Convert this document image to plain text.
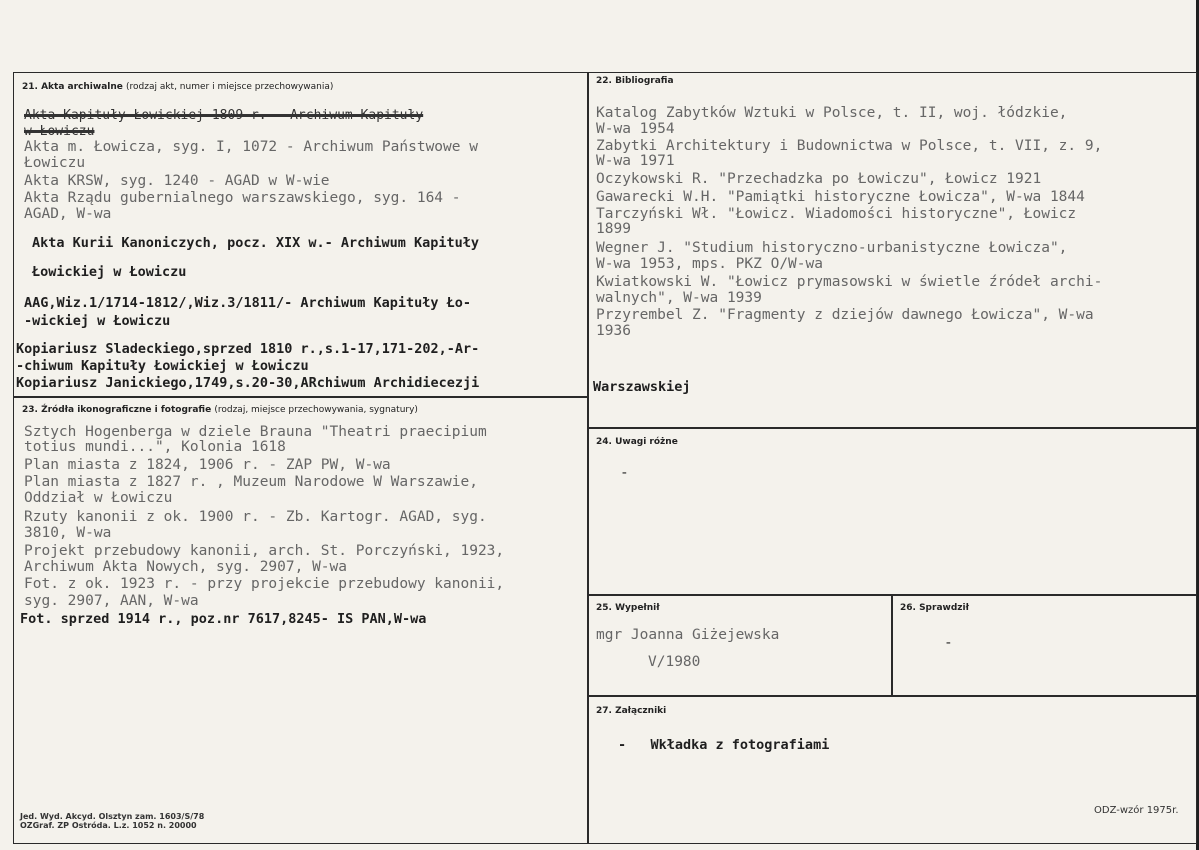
21. Akta archiwalne (rodzaj akt, numer i miejsce przechowywania)
22. Bibliografia
23. Źródła ikonograficzne i fotografie (rodzaj, miejsce przechowywania, sygnatury)
24. Uwagi różne
25. Wypełnił	26. Sprawdził
27. Załączniki
Akta Kapituły Łowickiej 1809 r. - Archiwum Kapituły
w Łowiczu
Akta m. Łowicza, syg. I, 1072 - Archiwum Państwowe w
Łowiczu
Akta KRSW, syg. 1240 - AGAD w W-wie
Akta Rządu gubernialnego warszawskiego, syg. 164 -
AGAD, W-wa
Akta Kurii Kanoniczych, pocz. XIX w.- Archiwum Kapituły
Łowickiej w Łowiczu
AAG,Wiz.1/1714-1812/,Wiz.3/1811/- Archiwum Kapituły Ło-
-wickiej w Łowiczu
Kopiariusz Sladeckiego,sprzed 1810 r.,s.1-17,171-202,-Ar-
-chiwum Kapituły Łowickiej w Łowiczu
Kopiariusz Janickiego,1749,s.20-30,ARchiwum Archidiecezji	Warszawskiej
Katalog Zabytków Wztuki w Polsce, t. II, woj. łódzkie,
W-wa 1954
Zabytki Architektury i Budownictwa w Polsce, t. VII, z. 9,
W-wa 1971
Oczykowski R. "Przechadzka po Łowiczu", Łowicz 1921
Gawarecki W.H. "Pamiątki historyczne Łowicza", W-wa 1844
Tarczyński Wł. "Łowicz. Wiadomości historyczne", Łowicz
1899
Wegner J. "Studium historyczno-urbanistyczne Łowicza",
W-wa 1953, mps. PKZ O/W-wa
Kwiatkowski W. "Łowicz prymasowski w świetle źródeł archi-
walnych", W-wa 1939
Przyrembel Z. "Fragmenty z dziejów dawnego Łowicza", W-wa
1936
Sztych Hogenberga w dziele Brauna "Theatri praecipium
totius mundi...", Kolonia 1618
Plan miasta z 1824, 1906 r. - ZAP PW, W-wa
Plan miasta z 1827 r. , Muzeum Narodowe W Warszawie,
Oddział w Łowiczu
Rzuty kanonii z ok. 1900 r. - Zb. Kartogr. AGAD, syg.
3810, W-wa
Projekt przebudowy kanonii, arch. St. Porczyński, 1923,
Archiwum Akta Nowych, syg. 2907, W-wa
Fot. z ok. 1923 r. - przy projekcie przebudowy kanonii,
syg. 2907, AAN, W-wa
Fot. sprzed 1914 r., poz.nr 7617,8245- IS PAN,W-wa
-
mgr Joanna Giżejewska
V/1980
-
-   Wkładka z fotografiami
Jed. Wyd. Akcyd. Olsztyn zam. 1603/S/78
OZGraf. ZP Ostróda. L.z. 1052 n. 20000
ODZ-wzór 1975r.
